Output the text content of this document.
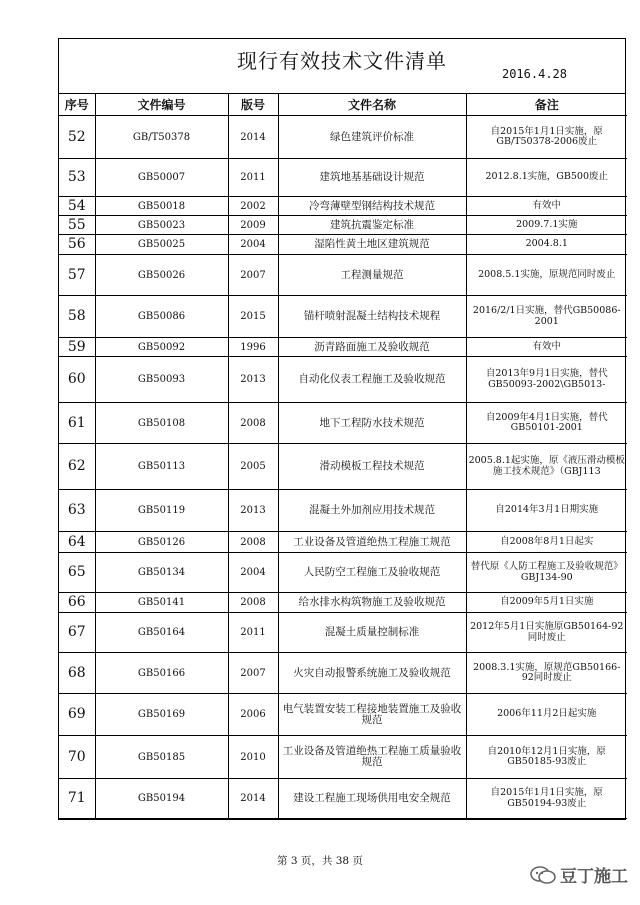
现行有效技术文件清单
2016.4.28
序号	文件编号	版号	文件名称	备注
52	GB/T50378	2014	绿色建筑评价标准	自2015年1月1日实施，原GB/T50378-2006废止
53	GB50007	2011	建筑地基基础设计规范	2012.8.1实施，GB500废止
54	GB50018	2002	冷弯薄壁型钢结构技术规范	有效中
55	GB50023	2009	建筑抗震鉴定标准	2009.7.1实施
56	GB50025	2004	湿陷性黄土地区建筑规范	2004.8.1
57	GB50026	2007	工程测量规范	2008.5.1实施，原规范同时废止
58	GB50086	2015	锚杆喷射混凝土结构技术规程	2016/2/1日实施，替代GB50086-2001
59	GB50092	1996	沥青路面施工及验收规范	有效中
60	GB50093	2013	自动化仪表工程施工及验收规范	自2013年9月1日实施，替代GB50093-2002\GB5013-
61	GB50108	2008	地下工程防水技术规范	自2009年4月1日实施，替代GB50101-2001
62	GB50113	2005	滑动模板工程技术规范	2005.8.1起实施，原《液压滑动模板施工技术规范》（GBJ113
63	GB50119	2013	混凝土外加剂应用技术规范	自2014年3月1日期实施
64	GB50126	2008	工业设备及管道绝热工程施工规范	自2008年8月1日起实
65	GB50134	2004	人民防空工程施工及验收规范	替代原《人防工程施工及验收规范》GBJ134-90
66	GB50141	2008	给水排水构筑物施工及验收规范	自2009年5月1日实施
67	GB50164	2011	混凝土质量控制标准	2012年5月1日实施原GB50164-92同时废止
68	GB50166	2007	火灾自动报警系统施工及验收规范	2008.3.1实施，原规范GB50166-92同时废止
69	GB50169	2006	电气装置安装工程接地装置施工及验收规范	2006年11月2日起实施
70	GB50185	2010	工业设备及管道绝热工程施工质量验收规范	自2010年12月1日实施，原GB50185-93废止
71	GB50194	2014	建设工程施工现场供用电安全规范	自2015年1月1日实施，原GB50194-93废止
第 3 页，共 38 页
豆丁施工
